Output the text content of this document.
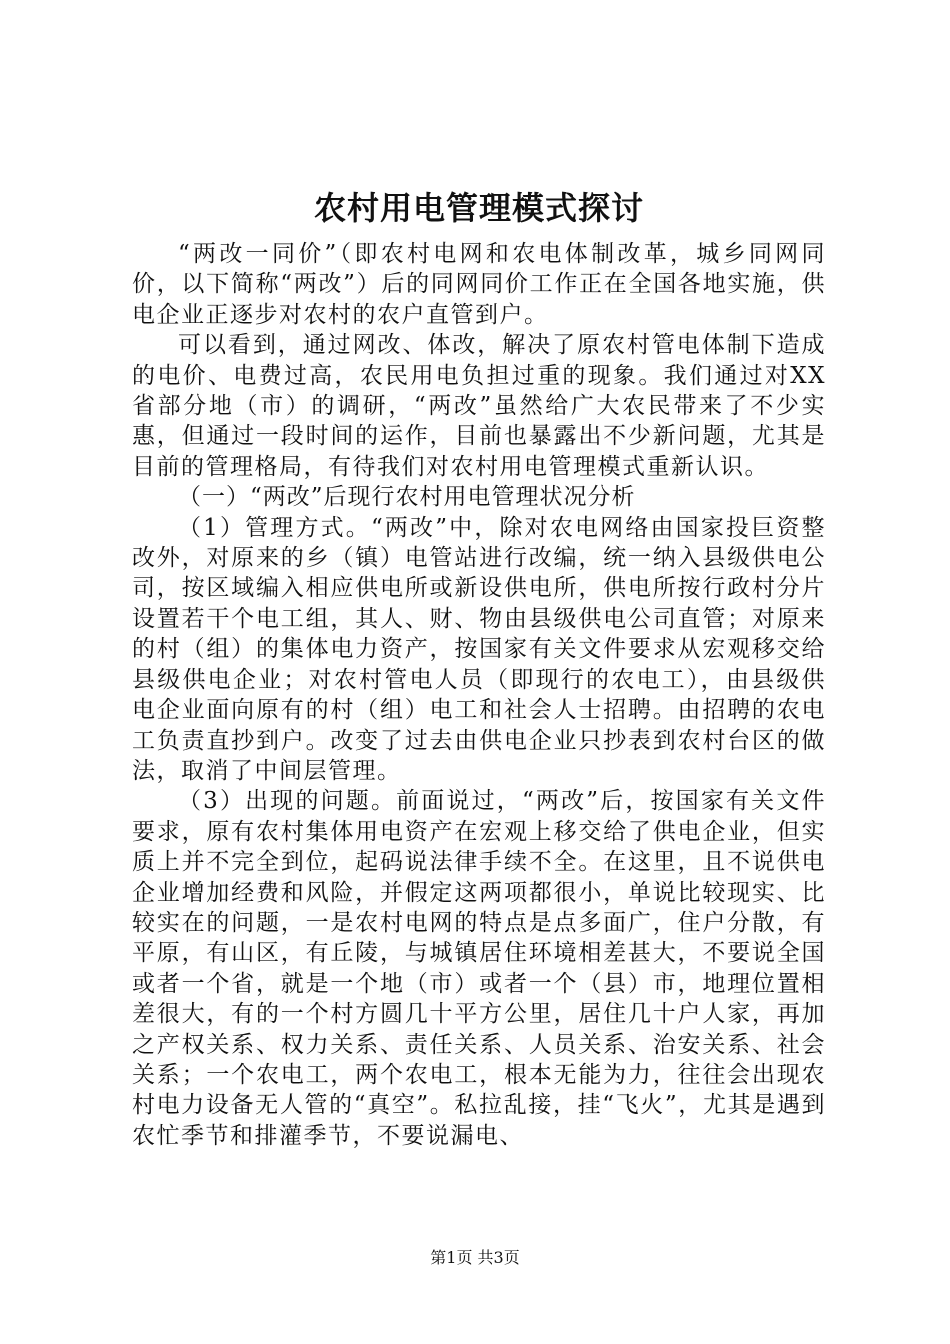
农村用电管理模式探讨

“两改一同价”（即农村电网和农电体制改革，城乡同网同价，以下简称“两改”）后的同网同价工作正在全国各地实施，供电企业正逐步对农村的农户直管到户。

可以看到，通过网改、体改，解决了原农村管电体制下造成的电价、电费过高，农民用电负担过重的现象。我们通过对XX省部分地（市）的调研，“两改”虽然给广大农民带来了不少实惠，但通过一段时间的运作，目前也暴露出不少新问题，尤其是目前的管理格局，有待我们对农村用电管理模式重新认识。

（一）“两改”后现行农村用电管理状况分析

（1）管理方式。“两改”中，除对农电网络由国家投巨资整改外，对原来的乡（镇）电管站进行改编，统一纳入县级供电公司，按区域编入相应供电所或新设供电所，供电所按行政村分片设置若干个电工组，其人、财、物由县级供电公司直管；对原来的村（组）的集体电力资产，按国家有关文件要求从宏观移交给县级供电企业；对农村管电人员（即现行的农电工），由县级供电企业面向原有的村（组）电工和社会人士招聘。由招聘的农电工负责直抄到户。改变了过去由供电企业只抄表到农村台区的做法，取消了中间层管理。

（3）出现的问题。前面说过，“两改”后，按国家有关文件要求，原有农村集体用电资产在宏观上移交给了供电企业，但实质上并不完全到位，起码说法律手续不全。在这里，且不说供电企业增加经费和风险，并假定这两项都很小，单说比较现实、比较实在的问题，一是农村电网的特点是点多面广，住户分散，有平原，有山区，有丘陵，与城镇居住环境相差甚大，不要说全国或者一个省，就是一个地（市）或者一个（县）市，地理位置相差很大，有的一个村方圆几十平方公里，居住几十户人家，再加之产权关系、权力关系、责任关系、人员关系、治安关系、社会关系；一个农电工，两个农电工，根本无能为力，往往会出现农村电力设备无人管的“真空”。私拉乱接，挂“飞火”，尤其是遇到农忙季节和排灌季节，不要说漏电、

第1页 共3页
